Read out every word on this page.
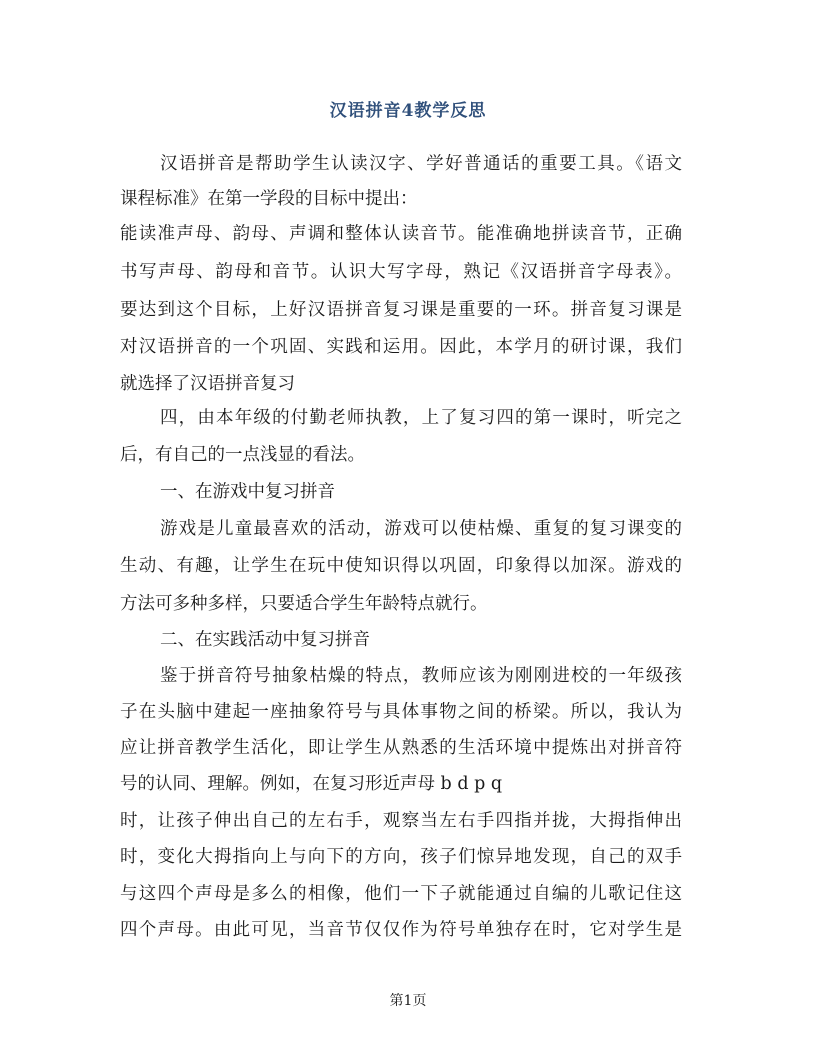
汉语拼音4教学反思
汉语拼音是帮助学生认读汉字、学好普通话的重要工具。《语文
课程标准》在第一学段的目标中提出：
能读准声母、韵母、声调和整体认读音节。能准确地拼读音节，正确
书写声母、韵母和音节。认识大写字母，熟记《汉语拼音字母表》。
要达到这个目标，上好汉语拼音复习课是重要的一环。拼音复习课是
对汉语拼音的一个巩固、实践和运用。因此，本学月的研讨课，我们
就选择了汉语拼音复习
四，由本年级的付勤老师执教，上了复习四的第一课时，听完之
后，有自己的一点浅显的看法。
一、在游戏中复习拼音
游戏是儿童最喜欢的活动，游戏可以使枯燥、重复的复习课变的
生动、有趣，让学生在玩中使知识得以巩固，印象得以加深。游戏的
方法可多种多样，只要适合学生年龄特点就行。
二、在实践活动中复习拼音
鉴于拼音符号抽象枯燥的特点，教师应该为刚刚进校的一年级孩
子在头脑中建起一座抽象符号与具体事物之间的桥梁。所以，我认为
应让拼音教学生活化，即让学生从熟悉的生活环境中提炼出对拼音符
号的认同、理解。例如，在复习形近声母 b d p q
时，让孩子伸出自己的左右手，观察当左右手四指并拢，大拇指伸出
时，变化大拇指向上与向下的方向，孩子们惊异地发现，自己的双手
与这四个声母是多么的相像，他们一下子就能通过自编的儿歌记住这
四个声母。由此可见，当音节仅仅作为符号单独存在时，它对学生是
第1页
